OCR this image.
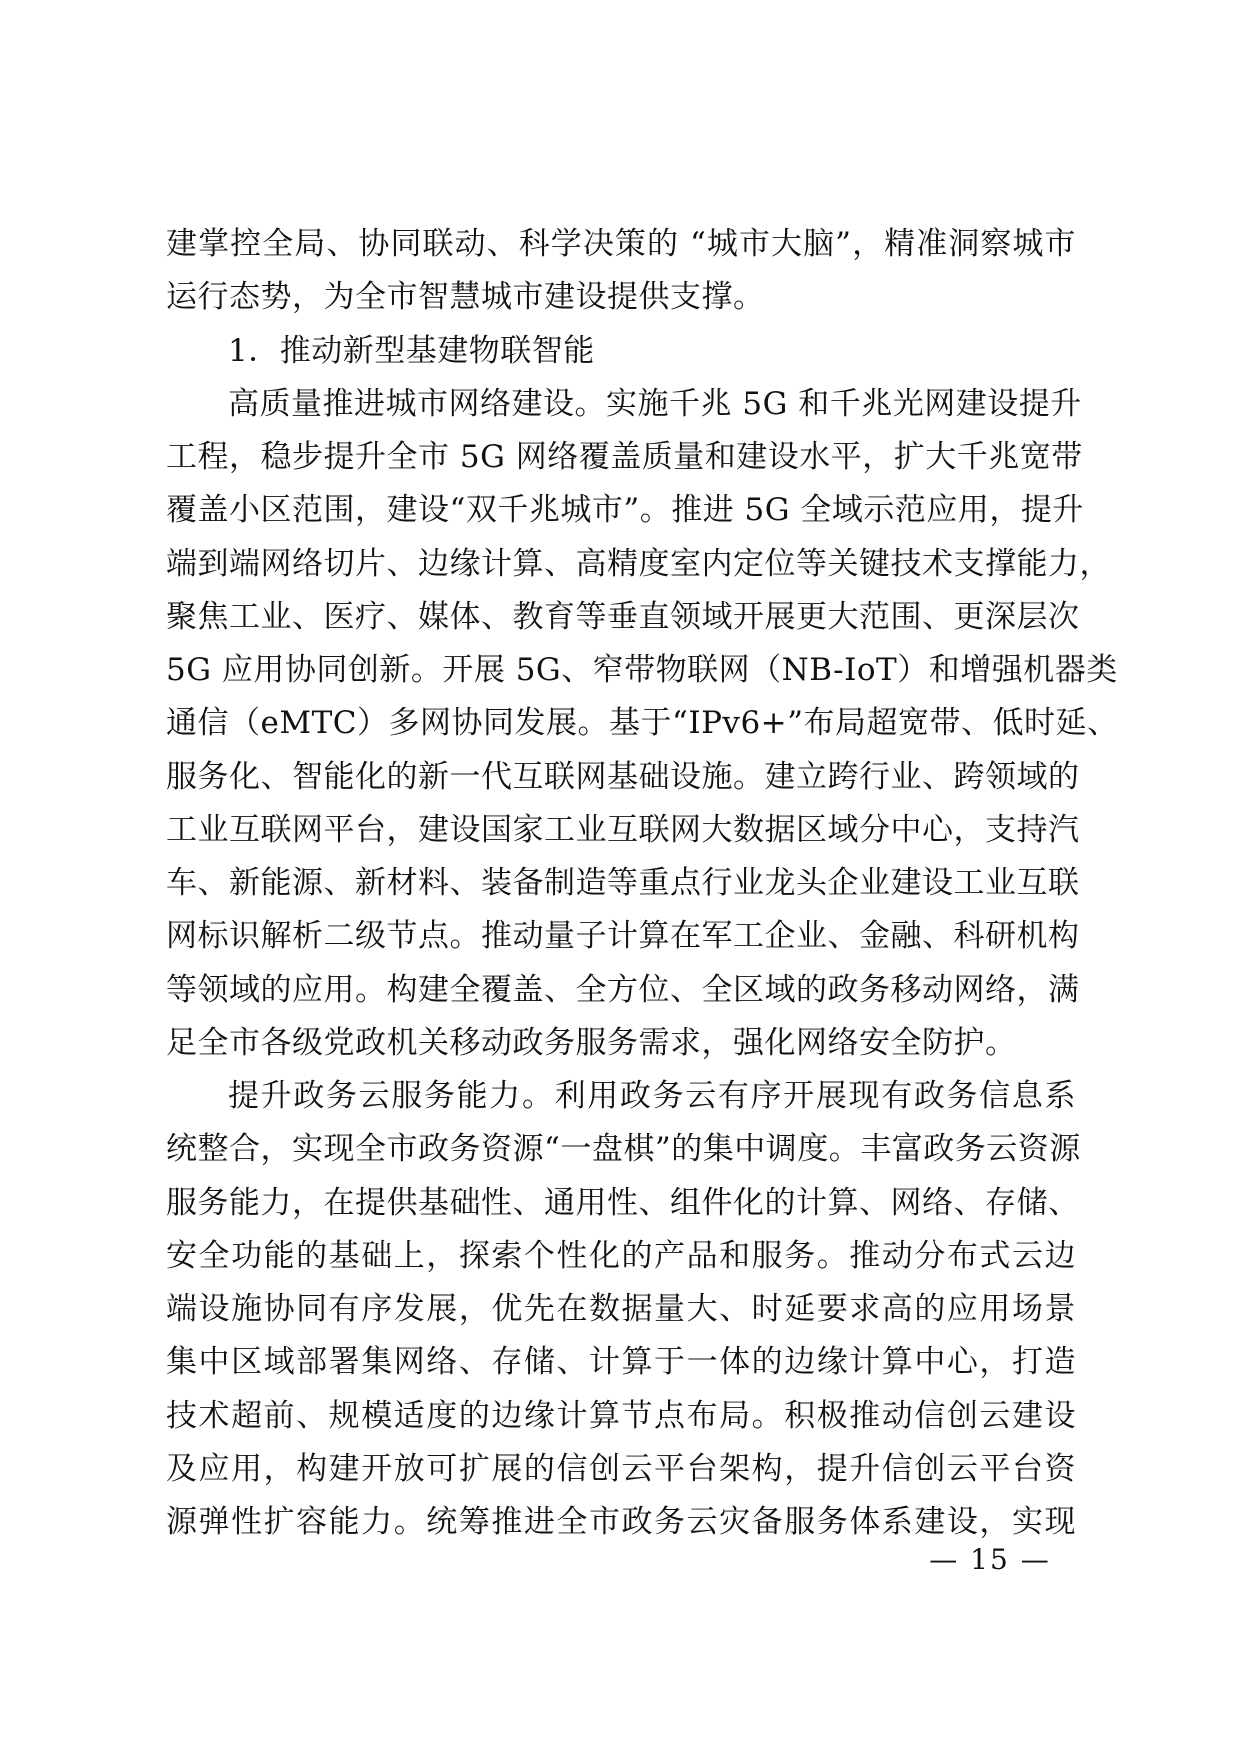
建掌控全局、协同联动、科学决策的 “城市大脑”，精准洞察城市
运行态势，为全市智慧城市建设提供支撑。
1．推动新型基建物联智能
高质量推进城市网络建设。实施千兆 5G 和千兆光网建设提升
工程，稳步提升全市 5G 网络覆盖质量和建设水平，扩大千兆宽带
覆盖小区范围，建设“双千兆城市”。推进 5G 全域示范应用，提升
端到端网络切片、边缘计算、高精度室内定位等关键技术支撑能力，
聚焦工业、医疗、媒体、教育等垂直领域开展更大范围、更深层次
5G 应用协同创新。开展 5G、窄带物联网（NB-IoT）和增强机器类
通信（eMTC）多网协同发展。基于“IPv6+”布局超宽带、低时延、
服务化、智能化的新一代互联网基础设施。建立跨行业、跨领域的
工业互联网平台，建设国家工业互联网大数据区域分中心，支持汽
车、新能源、新材料、装备制造等重点行业龙头企业建设工业互联
网标识解析二级节点。推动量子计算在军工企业、金融、科研机构
等领域的应用。构建全覆盖、全方位、全区域的政务移动网络，满
足全市各级党政机关移动政务服务需求，强化网络安全防护。
提升政务云服务能力。利用政务云有序开展现有政务信息系
统整合，实现全市政务资源“一盘棋”的集中调度。丰富政务云资源
服务能力，在提供基础性、通用性、组件化的计算、网络、存储、
安全功能的基础上，探索个性化的产品和服务。推动分布式云边
端设施协同有序发展，优先在数据量大、时延要求高的应用场景
集中区域部署集网络、存储、计算于一体的边缘计算中心，打造
技术超前、规模适度的边缘计算节点布局。积极推动信创云建设
及应用，构建开放可扩展的信创云平台架构，提升信创云平台资
源弹性扩容能力。统筹推进全市政务云灾备服务体系建设，实现
— 15 —
